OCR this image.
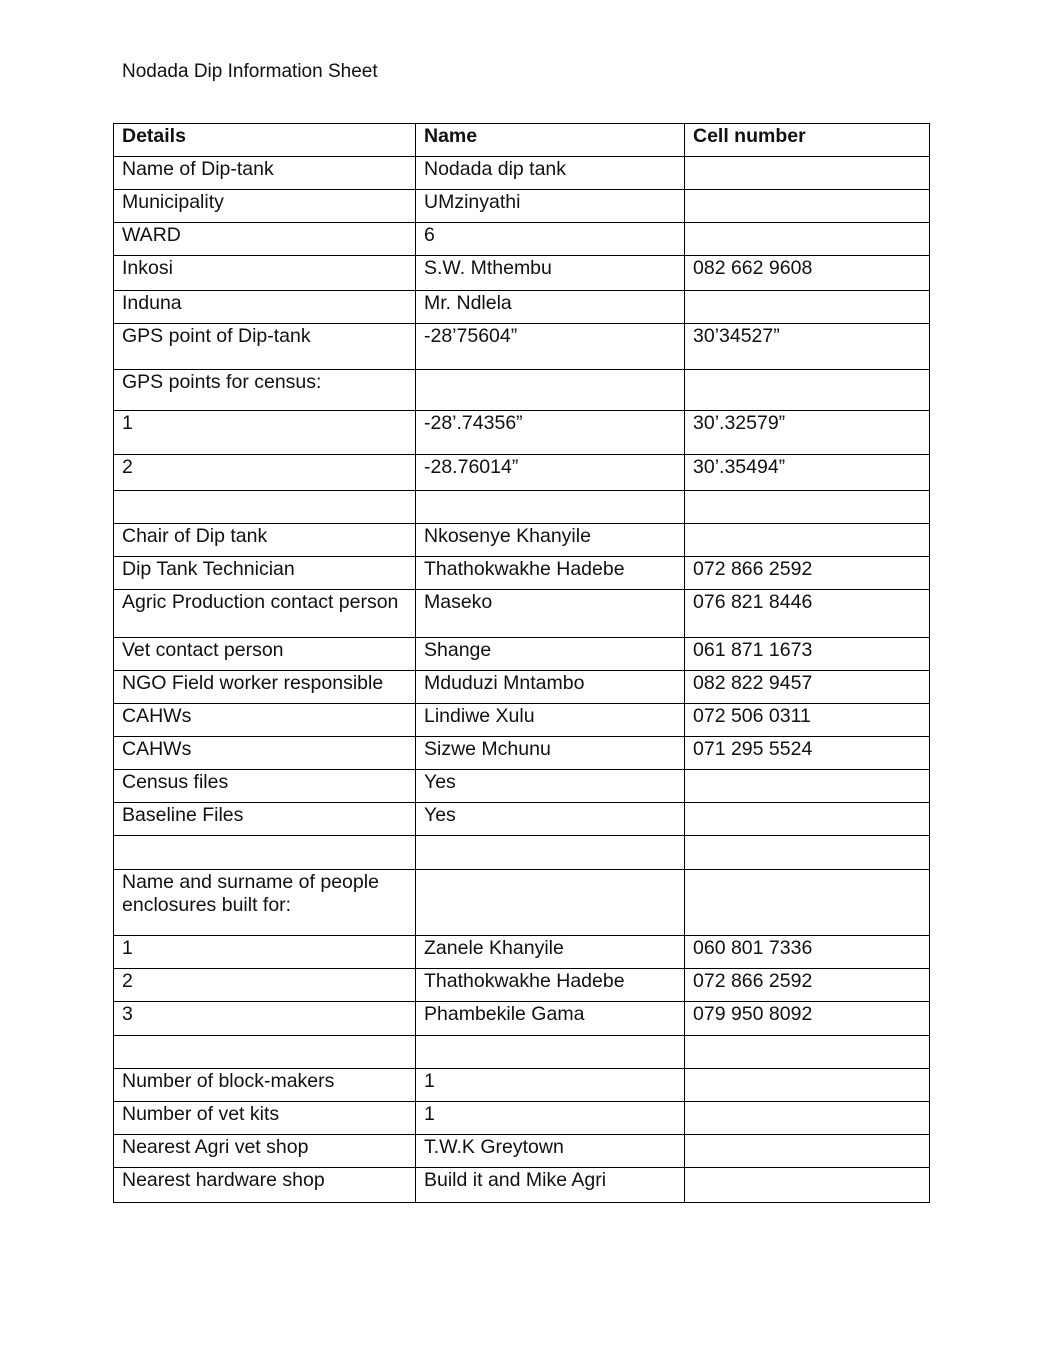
Nodada Dip Information Sheet
Details	Name	Cell number
Name of Dip-tank	Nodada dip tank	
Municipality	UMzinyathi	
WARD	6	
Inkosi	S.W. Mthembu	082 662 9608
Induna	Mr. Ndlela	
GPS point of Dip-tank	-28’75604”	30’34527”
GPS points for census:		
1	-28’.74356”	30’.32579”
2	-28.76014”	30’.35494”

Chair of Dip tank	Nkosenye Khanyile	
Dip Tank Technician	Thathokwakhe Hadebe	072 866 2592
Agric Production contact person	Maseko	076 821 8446
Vet contact person	Shange	061 871 1673
NGO Field worker responsible	Mduduzi Mntambo	082 822 9457
CAHWs	Lindiwe Xulu	072 506 0311
CAHWs	Sizwe Mchunu	071 295 5524
Census files	Yes	
Baseline Files	Yes	

Name and surname of people enclosures built for:		
1	Zanele Khanyile	060 801 7336
2	Thathokwakhe Hadebe	072 866 2592
3	Phambekile Gama	079 950 8092

Number of block-makers	1	
Number of vet kits	1	
Nearest Agri vet shop	T.W.K Greytown	
Nearest hardware shop	Build it and Mike Agri	
